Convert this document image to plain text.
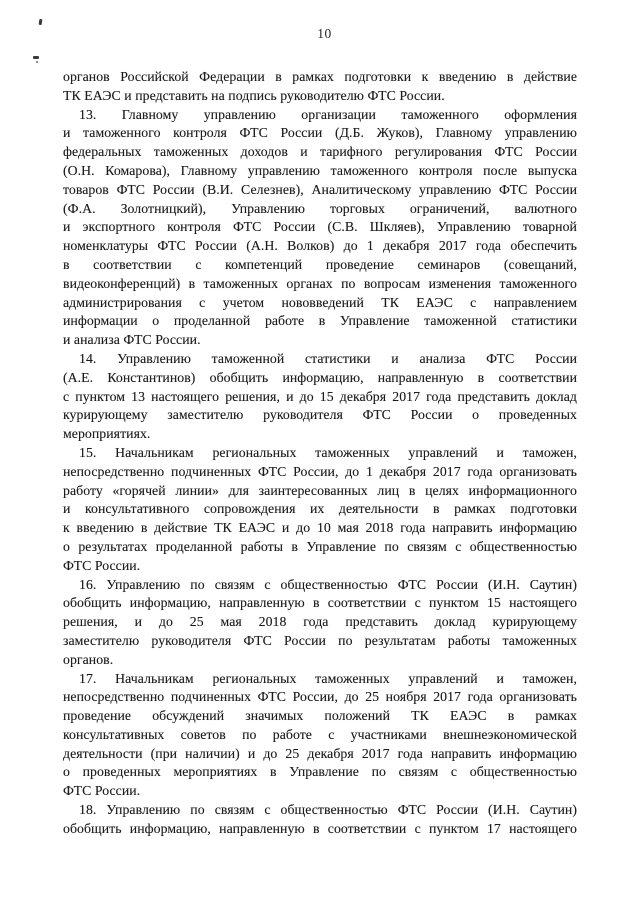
10

органов Российской Федерации в рамках подготовки к введению в действие
ТК ЕАЭС и представить на подпись руководителю ФТС России.

13. Главному управлению организации таможенного оформления
и таможенного контроля ФТС России (Д.Б. Жуков), Главному управлению
федеральных таможенных доходов и тарифного регулирования ФТС России
(О.Н. Комарова), Главному управлению таможенного контроля после выпуска
товаров ФТС России (В.И. Селезнев), Аналитическому управлению ФТС России
(Ф.А. Золотницкий), Управлению торговых ограничений, валютного
и экспортного контроля ФТС России (С.В. Шкляев), Управлению товарной
номенклатуры ФТС России (А.Н. Волков) до 1 декабря 2017 года обеспечить
в соответствии с компетенций проведение семинаров (совещаний,
видеоконференций) в таможенных органах по вопросам изменения таможенного
администрирования с учетом нововведений ТК ЕАЭС с направлением
информации о проделанной работе в Управление таможенной статистики
и анализа ФТС России.

14. Управлению таможенной статистики и анализа ФТС России
(А.Е. Константинов) обобщить информацию, направленную в соответствии
с пунктом 13 настоящего решения, и до 15 декабря 2017 года представить доклад
курирующему заместителю руководителя ФТС России о проведенных
мероприятиях.

15. Начальникам региональных таможенных управлений и таможен,
непосредственно подчиненных ФТС России, до 1 декабря 2017 года организовать
работу «горячей линии» для заинтересованных лиц в целях информационного
и консультативного сопровождения их деятельности в рамках подготовки
к введению в действие ТК ЕАЭС и до 10 мая 2018 года направить информацию
о результатах проделанной работы в Управление по связям с общественностью
ФТС России.

16. Управлению по связям с общественностью ФТС России (И.Н. Саутин)
обобщить информацию, направленную в соответствии с пунктом 15 настоящего
решения, и до 25 мая 2018 года представить доклад курирующему
заместителю руководителя ФТС России по результатам работы таможенных
органов.

17. Начальникам региональных таможенных управлений и таможен,
непосредственно подчиненных ФТС России, до 25 ноября 2017 года организовать
проведение обсуждений значимых положений ТК ЕАЭС в рамках
консультативных советов по работе с участниками внешнеэкономической
деятельности (при наличии) и до 25 декабря 2017 года направить информацию
о проведенных мероприятиях в Управление по связям с общественностью
ФТС России.

18. Управлению по связям с общественностью ФТС России (И.Н. Саутин)
обобщить информацию, направленную в соответствии с пунктом 17 настоящего
